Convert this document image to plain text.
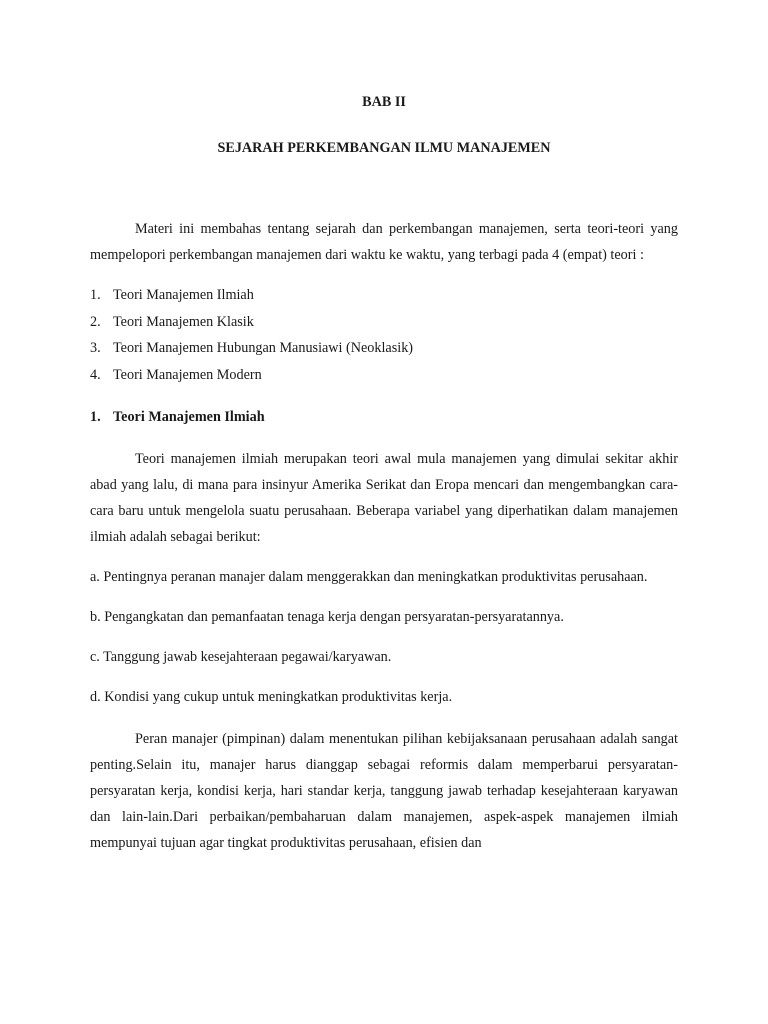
BAB II
SEJARAH PERKEMBANGAN ILMU MANAJEMEN

Materi ini membahas tentang sejarah dan perkembangan manajemen, serta teori-teori yang mempelopori perkembangan manajemen dari waktu ke waktu, yang terbagi pada 4 (empat) teori :

1. Teori Manajemen Ilmiah
2. Teori Manajemen Klasik
3. Teori Manajemen Hubungan Manusiawi (Neoklasik)
4. Teori Manajemen Modern
1. Teori Manajemen Ilmiah

Teori manajemen ilmiah merupakan teori awal mula manajemen yang dimulai sekitar akhir abad yang lalu, di mana para insinyur Amerika Serikat dan Eropa mencari dan mengembangkan cara-cara baru untuk mengelola suatu perusahaan. Beberapa variabel yang diperhatikan dalam manajemen ilmiah adalah sebagai berikut:

a. Pentingnya peranan manajer dalam menggerakkan dan meningkatkan produktivitas perusahaan.

b. Pengangkatan dan pemanfaatan tenaga kerja dengan persyaratan-persyaratannya.

c. Tanggung jawab kesejahteraan pegawai/karyawan.

d. Kondisi yang cukup untuk meningkatkan produktivitas kerja.

Peran manajer (pimpinan) dalam menentukan pilihan kebijaksanaan perusahaan adalah sangat penting.Selain itu, manajer harus dianggap sebagai reformis dalam memperbarui persyaratan-persyaratan kerja, kondisi kerja, hari standar kerja, tanggung jawab terhadap kesejahteraan karyawan dan lain-lain.Dari perbaikan/pembaharuan dalam manajemen, aspek-aspek manajemen ilmiah mempunyai tujuan agar tingkat produktivitas perusahaan, efisien dan
